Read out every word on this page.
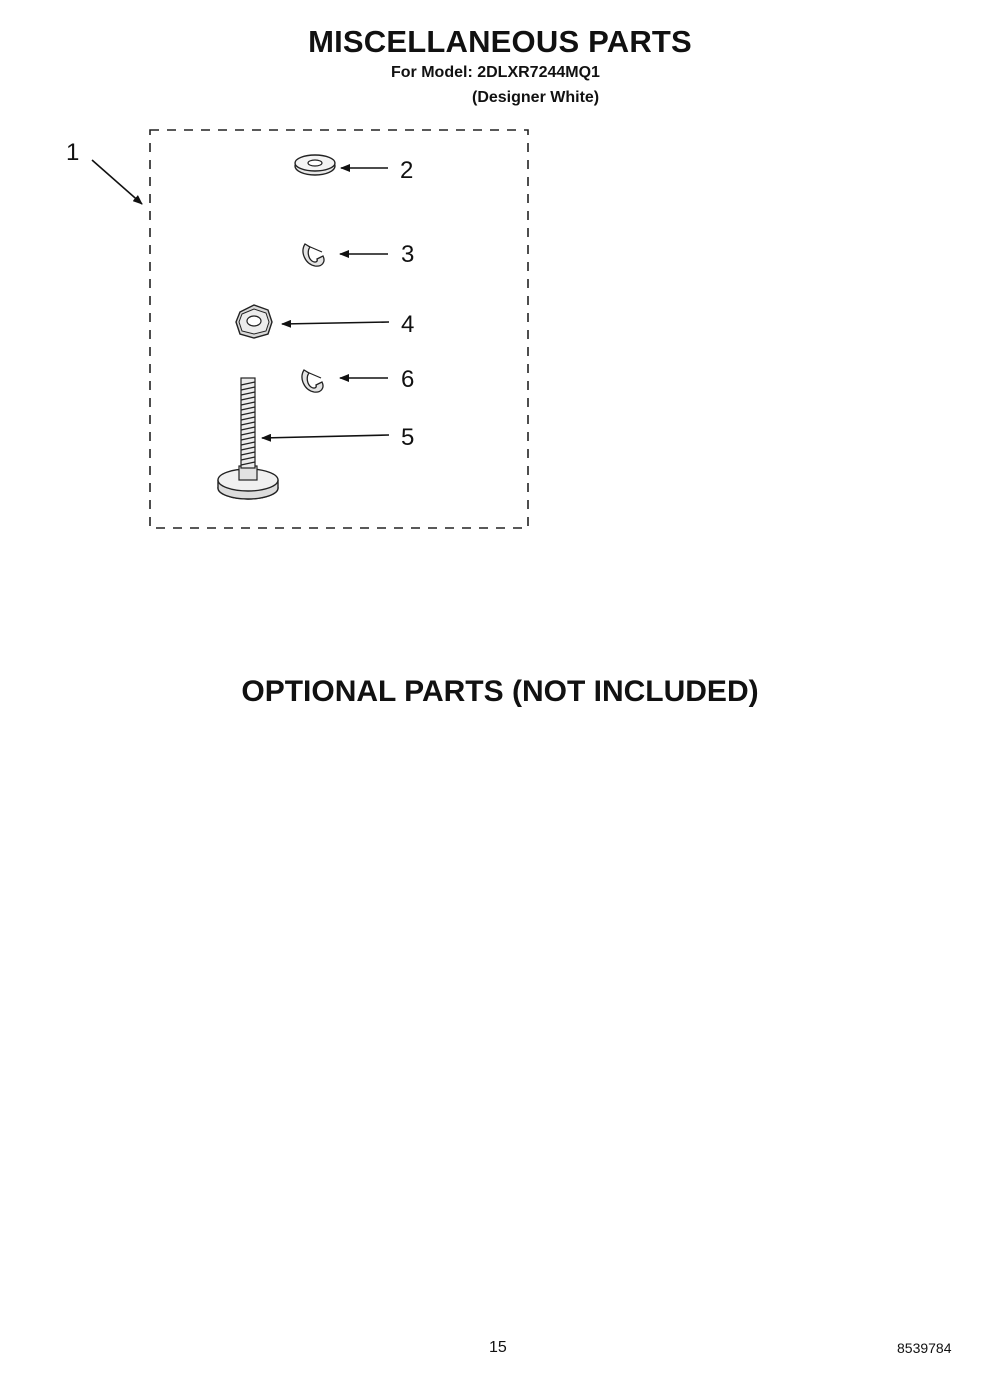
MISCELLANEOUS PARTS
For Model: 2DLXR7244MQ1
(Designer White)
1
2
3
4
6
5
OPTIONAL PARTS (NOT INCLUDED)
15	8539784
